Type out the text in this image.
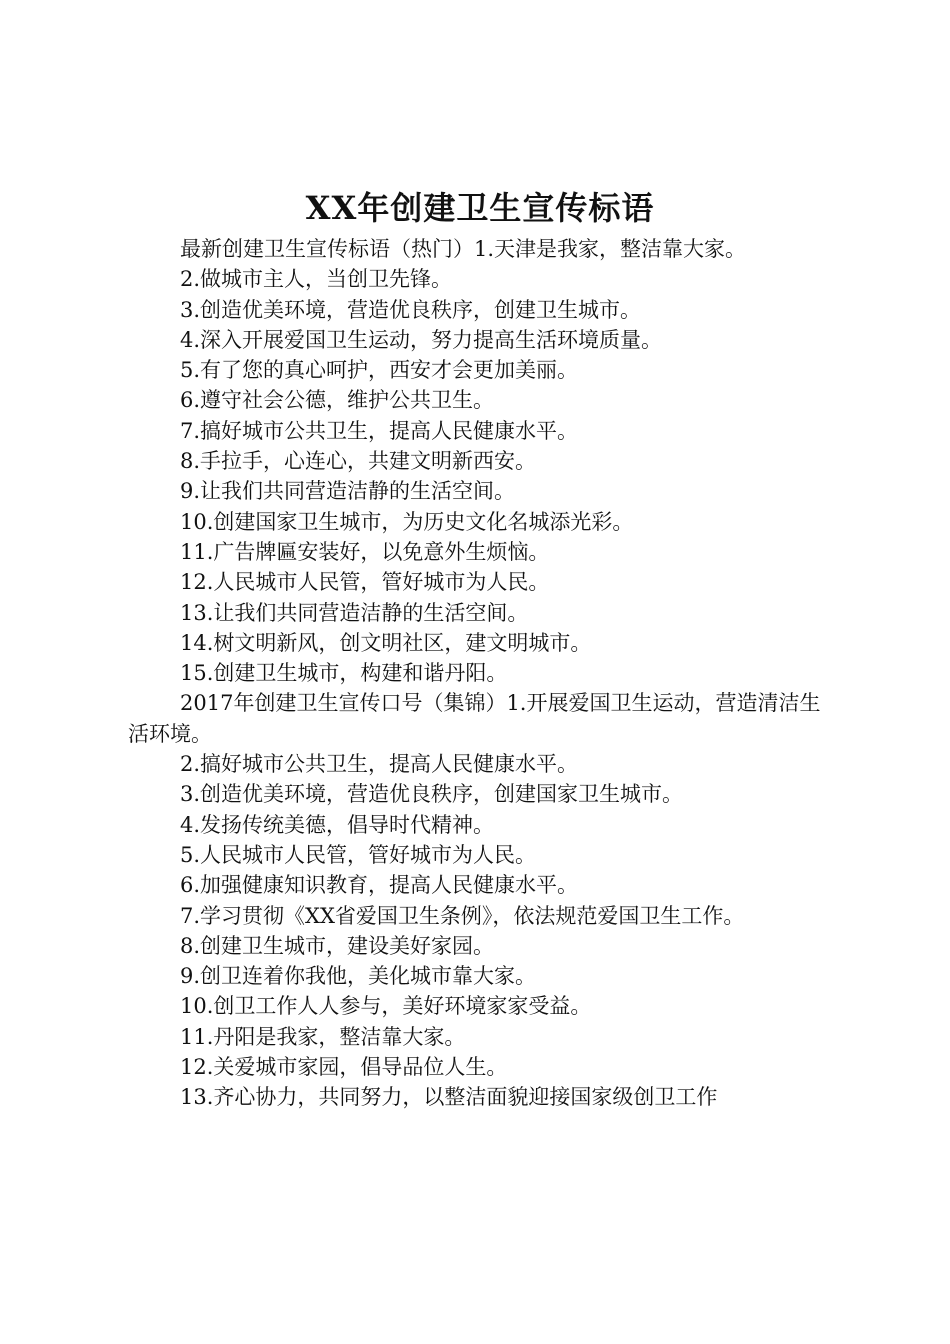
XX年创建卫生宣传标语

最新创建卫生宣传标语（热门）1.天津是我家，整洁靠大家。

2.做城市主人，当创卫先锋。

3.创造优美环境，营造优良秩序，创建卫生城市。

4.深入开展爱国卫生运动，努力提高生活环境质量。

5.有了您的真心呵护，西安才会更加美丽。

6.遵守社会公德，维护公共卫生。

7.搞好城市公共卫生，提高人民健康水平。

8.手拉手，心连心，共建文明新西安。

9.让我们共同营造洁静的生活空间。

10.创建国家卫生城市，为历史文化名城添光彩。

11.广告牌匾安装好，以免意外生烦恼。

12.人民城市人民管，管好城市为人民。

13.让我们共同营造洁静的生活空间。

14.树文明新风，创文明社区，建文明城市。

15.创建卫生城市，构建和谐丹阳。

2017年创建卫生宣传口号（集锦）1.开展爱国卫生运动，营造清洁生活环境。

2.搞好城市公共卫生，提高人民健康水平。

3.创造优美环境，营造优良秩序，创建国家卫生城市。

4.发扬传统美德，倡导时代精神。

5.人民城市人民管，管好城市为人民。

6.加强健康知识教育，提高人民健康水平。

7.学习贯彻《XX省爱国卫生条例》，依法规范爱国卫生工作。

8.创建卫生城市，建设美好家园。

9.创卫连着你我他，美化城市靠大家。

10.创卫工作人人参与，美好环境家家受益。

11.丹阳是我家，整洁靠大家。

12.关爱城市家园，倡导品位人生。

13.齐心协力，共同努力，以整洁面貌迎接国家级创卫工作
